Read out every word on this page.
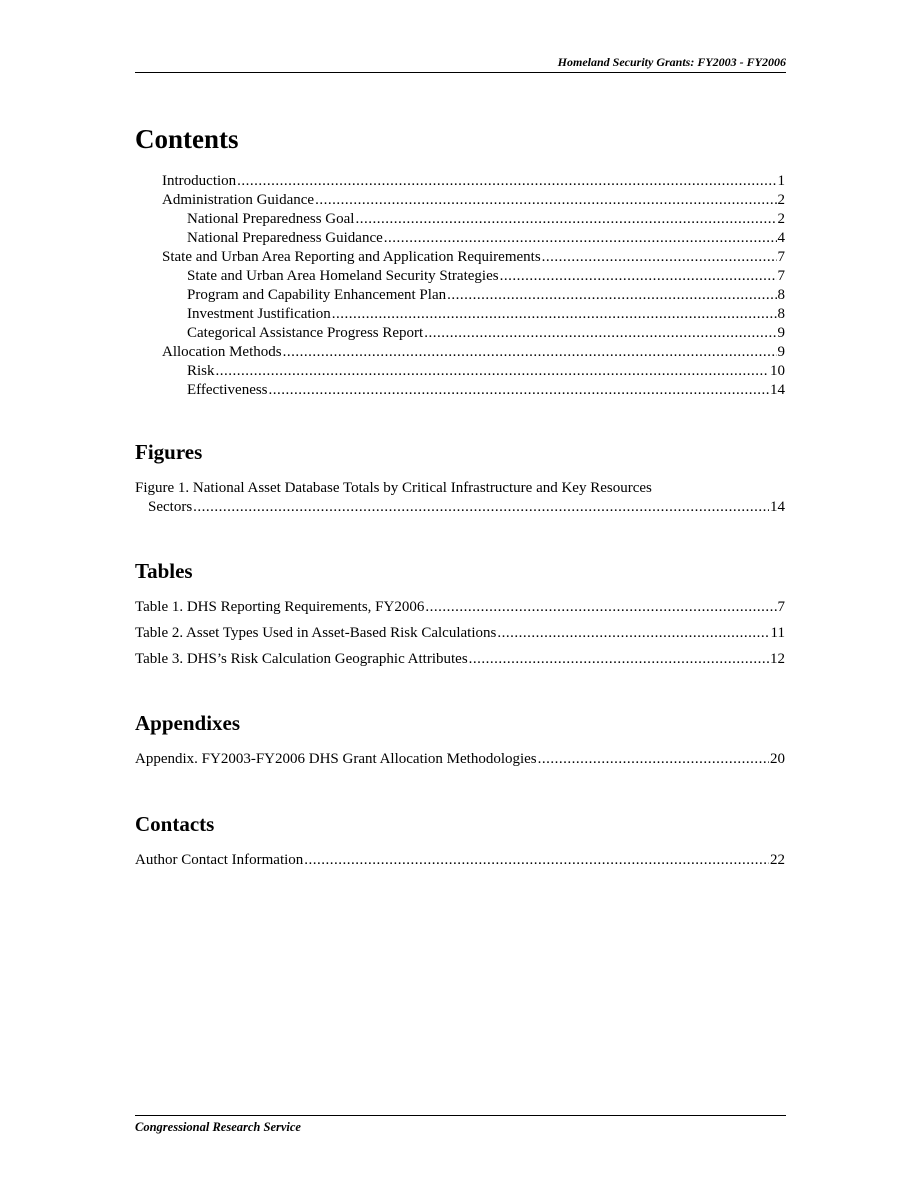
Homeland Security Grants: FY2003 - FY2006
Contents
Introduction .....	1
Administration Guidance .....	2
National Preparedness Goal .....	2
National Preparedness Guidance .....	4
State and Urban Area Reporting and Application Requirements .....	7
State and Urban Area Homeland Security Strategies .....	7
Program and Capability Enhancement Plan .....	8
Investment Justification .....	8
Categorical Assistance Progress Report .....	9
Allocation Methods .....	9
Risk .....	10
Effectiveness .....	14
Figures
Figure 1. National Asset Database Totals by Critical Infrastructure and Key Resources
Sectors .....	14
Tables
Table 1. DHS Reporting Requirements, FY2006 .....	7
Table 2. Asset Types Used in Asset-Based Risk Calculations .....	11
Table 3. DHS’s Risk Calculation Geographic Attributes .....	12
Appendixes
Appendix. FY2003-FY2006 DHS Grant Allocation Methodologies .....	20
Contacts
Author Contact Information .....	22
Congressional Research Service
